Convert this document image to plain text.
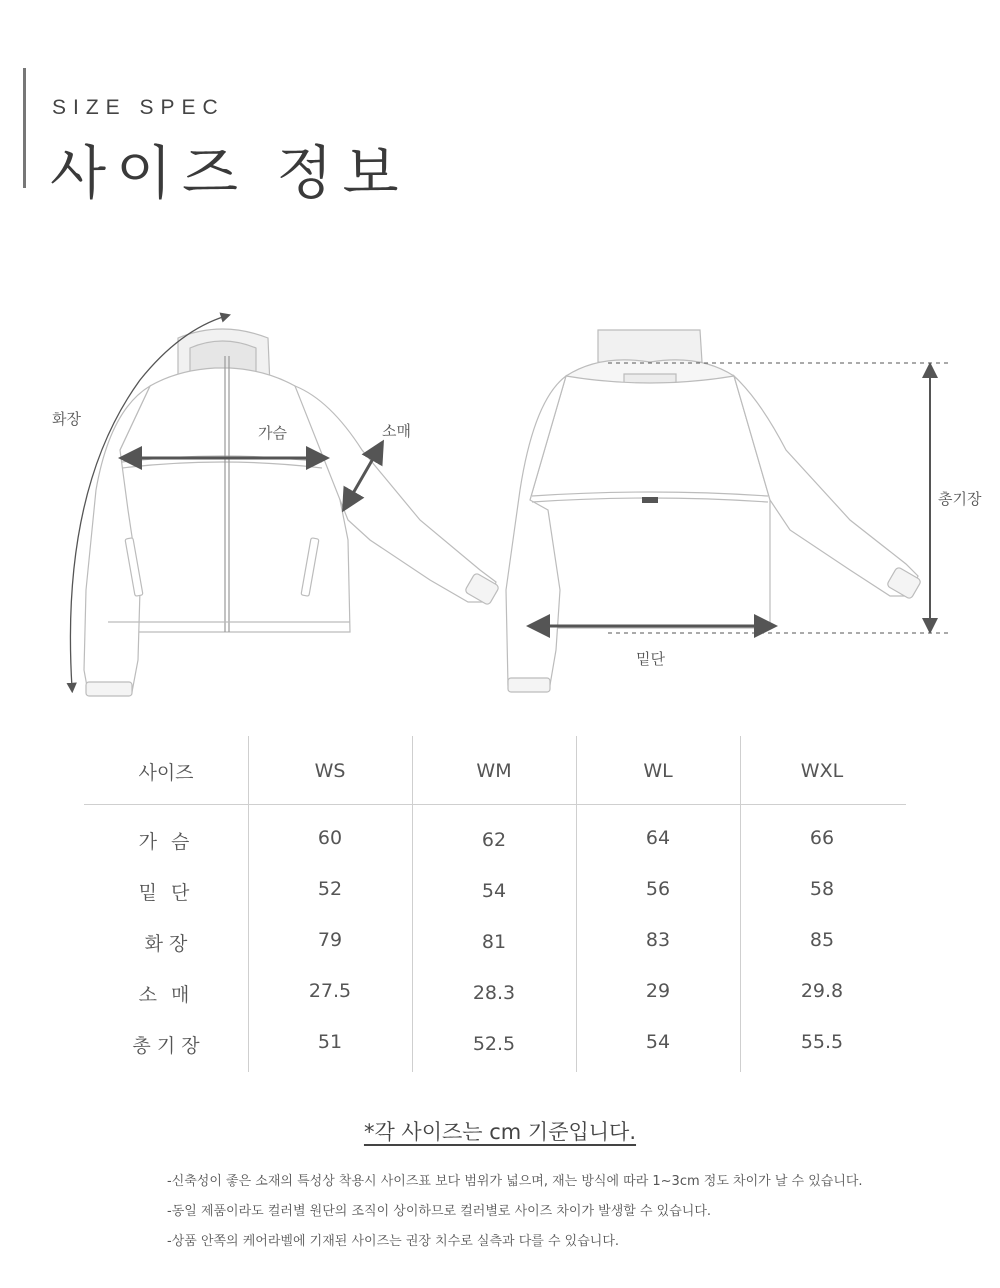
SIZE SPEC
사이즈 정보
화장
가슴	소매
총기장
밑단
사이즈	WS	WM	WL	WXL
가 슴	60	62	64	66
밑 단	52	54	56	58
화 장	79	81	83	85
소 매	27.5	28.3	29	29.8
총 기 장	51	52.5	54	55.5
*각 사이즈는 cm 기준입니다.
-신축성이 좋은 소재의 특성상 착용시 사이즈표 보다 범위가 넓으며, 재는 방식에 따라 1~3cm 정도 차이가 날 수 있습니다.
-동일 제품이라도 컬러별 원단의 조직이 상이하므로 컬러별로 사이즈 차이가 발생할 수 있습니다.
-상품 안쪽의 케어라벨에 기재된 사이즈는 권장 치수로 실측과 다를 수 있습니다.
